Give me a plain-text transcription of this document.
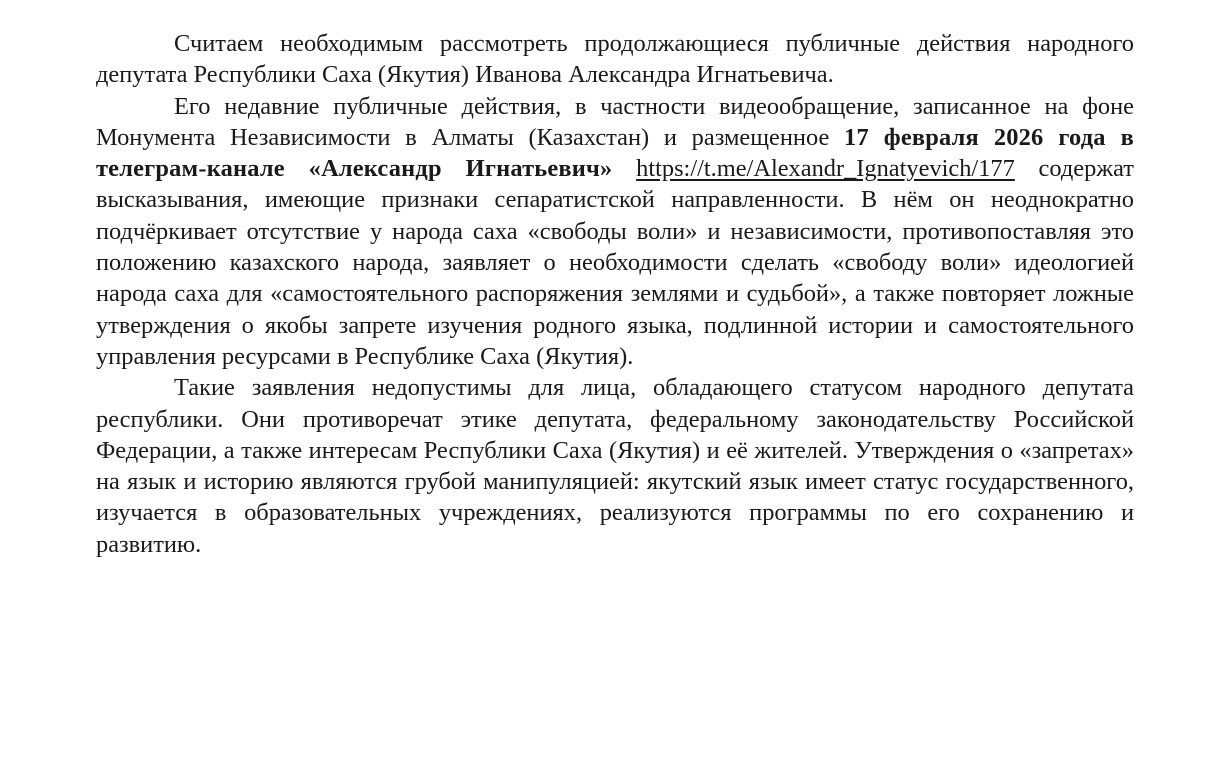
Считаем необходимым рассмотреть продолжающиеся публичные действия народного депутата Республики Саха (Якутия) Иванова Александра Игнатьевича.

Его недавние публичные действия, в частности видеообращение, записанное на фоне Монумента Независимости в Алматы (Казахстан) и размещенное 17 февраля 2026 года в телеграм-канале «Александр Игнатьевич» https://t.me/Alexandr_Ignatyevich/177 содержат высказывания, имеющие признаки сепаратистской направленности. В нём он неоднократно подчёркивает отсутствие у народа саха «свободы воли» и независимости, противопоставляя это положению казахского народа, заявляет о необходимости сделать «свободу воли» идеологией народа саха для «самостоятельного распоряжения землями и судьбой», а также повторяет ложные утверждения о якобы запрете изучения родного языка, подлинной истории и самостоятельного управления ресурсами в Республике Саха (Якутия).

Такие заявления недопустимы для лица, обладающего статусом народного депутата республики. Они противоречат этике депутата, федеральному законодательству Российской Федерации, а также интересам Республики Саха (Якутия) и её жителей. Утверждения о «запретах» на язык и историю являются грубой манипуляцией: якутский язык имеет статус государственного, изучается в образовательных учреждениях, реализуются программы по его сохранению и развитию.
